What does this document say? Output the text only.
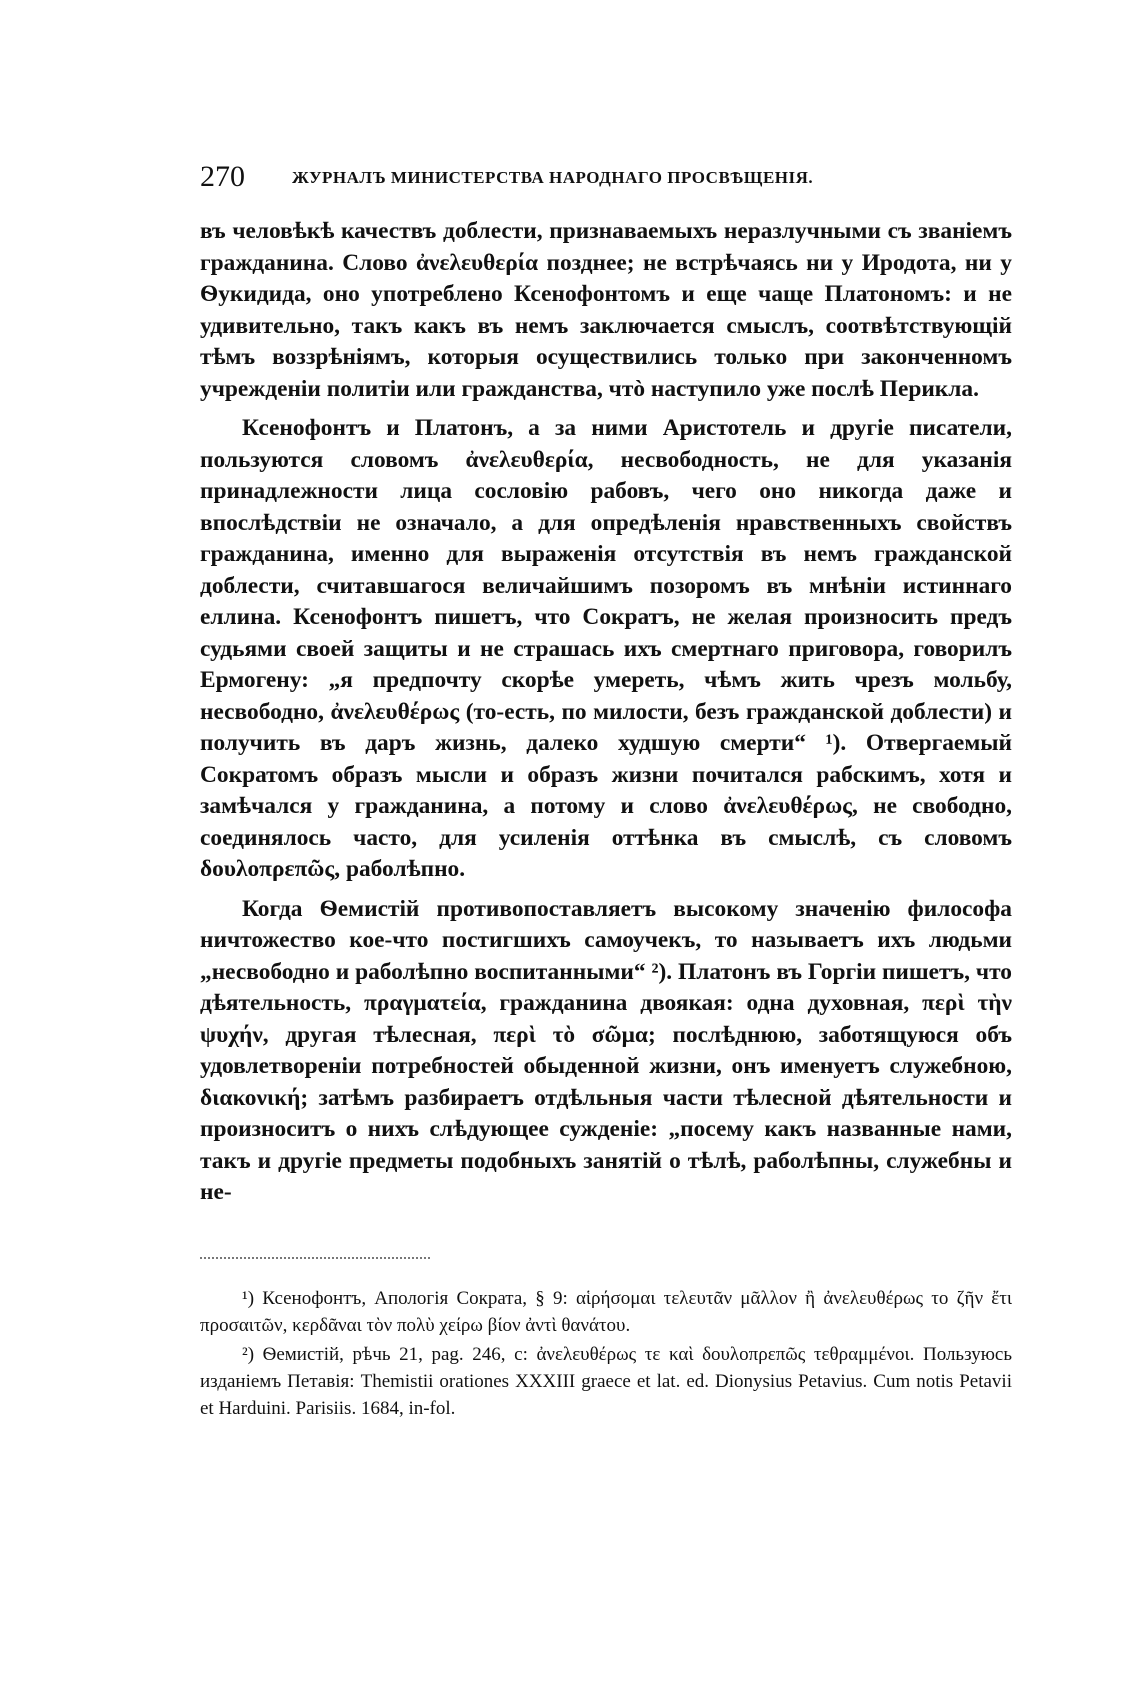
270	ЖУРНАЛЪ МИНИСТЕРСТВА НАРОДНАГО ПРОСВѢЩЕНІЯ.

въ человѣкѣ качествъ доблести, признаваемыхъ неразлучными съ званіемъ гражданина. Слово ἀνελευθερία позднее; не встрѣчаясь ни у Иродота, ни у Ѳукидида, оно употреблено Ксенофонтомъ и еще чаще Платономъ: и не удивительно, такъ какъ въ немъ заключается смыслъ, соотвѣтствующій тѣмъ воззрѣніямъ, которыя осуществились только при законченномъ учрежденіи политіи или гражданства, чтò наступило уже послѣ Перикла.

Ксенофонтъ и Платонъ, а за ними Аристотель и другіе писатели, пользуются словомъ ἀνελευθερία, несвободность, не для указанія принадлежности лица сословію рабовъ, чего оно никогда даже и впослѣдствіи не означало, а для опредѣленія нравственныхъ свойствъ гражданина, именно для выраженія отсутствія въ немъ гражданской доблести, считавшагося величайшимъ позоромъ въ мнѣніи истиннаго еллина. Ксенофонтъ пишетъ, что Сократъ, не желая произносить предъ судьями своей защиты и не страшась ихъ смертнаго приговора, говорилъ Ермогену: „я предпочту скорѣе умереть, чѣмъ жить чрезъ мольбу, несвободно, ἀνελευθέρως (то-есть, по милости, безъ гражданской доблести) и получить въ даръ жизнь, далеко худшую смерти“ ¹). Отвергаемый Сократомъ образъ мысли и образъ жизни почитался рабскимъ, хотя и замѣчался у гражданина, а потому и слово ἀνελευθέρως, не свободно, соединялось часто, для усиленія оттѣнка въ смыслѣ, съ словомъ δουλοπρεπῶς, раболѣпно.

Когда Ѳемистій противопоставляетъ высокому значенію философа ничтожество кое-что постигшихъ самоучекъ, то называетъ ихъ людьми „несвободно и раболѣпно воспитанными“ ²). Платонъ въ Горгіи пишетъ, что дѣятельность, πραγματεία, гражданина двоякая: одна духовная, περὶ τὴν ψυχήν, другая тѣлесная, περὶ τὸ σῶμα; послѣднюю, заботящуюся объ удовлетвореніи потребностей обыденной жизни, онъ именуетъ служебною, διακονική; затѣмъ разбираетъ отдѣльныя части тѣлесной дѣятельности и произноситъ о нихъ слѣдующее сужденіе: „посему какъ названные нами, такъ и другіе предметы подобныхъ занятій о тѣлѣ, раболѣпны, служебны и не-

¹) Ксенофонтъ, Апологія Сократа, § 9: αἱρήσομαι τελευτᾶν μᾶλλον ἢ ἀνελευθέρως το ζῆν ἔτι προσαιτῶν, κερδᾶναι τὸν πολὺ χείρω βίον ἀντὶ θανάτου.

²) Ѳемистій, рѣчь 21, pag. 246, c: ἀνελευθέρως τε καὶ δουλοπρεπῶς τεθραμμένοι. Пользуюсь изданіемъ Петавія: Themistii orationes XXXIII graece et lat. ed. Dionysius Petavius. Cum notis Petavii et Harduini. Parisiis. 1684, in-fol.
